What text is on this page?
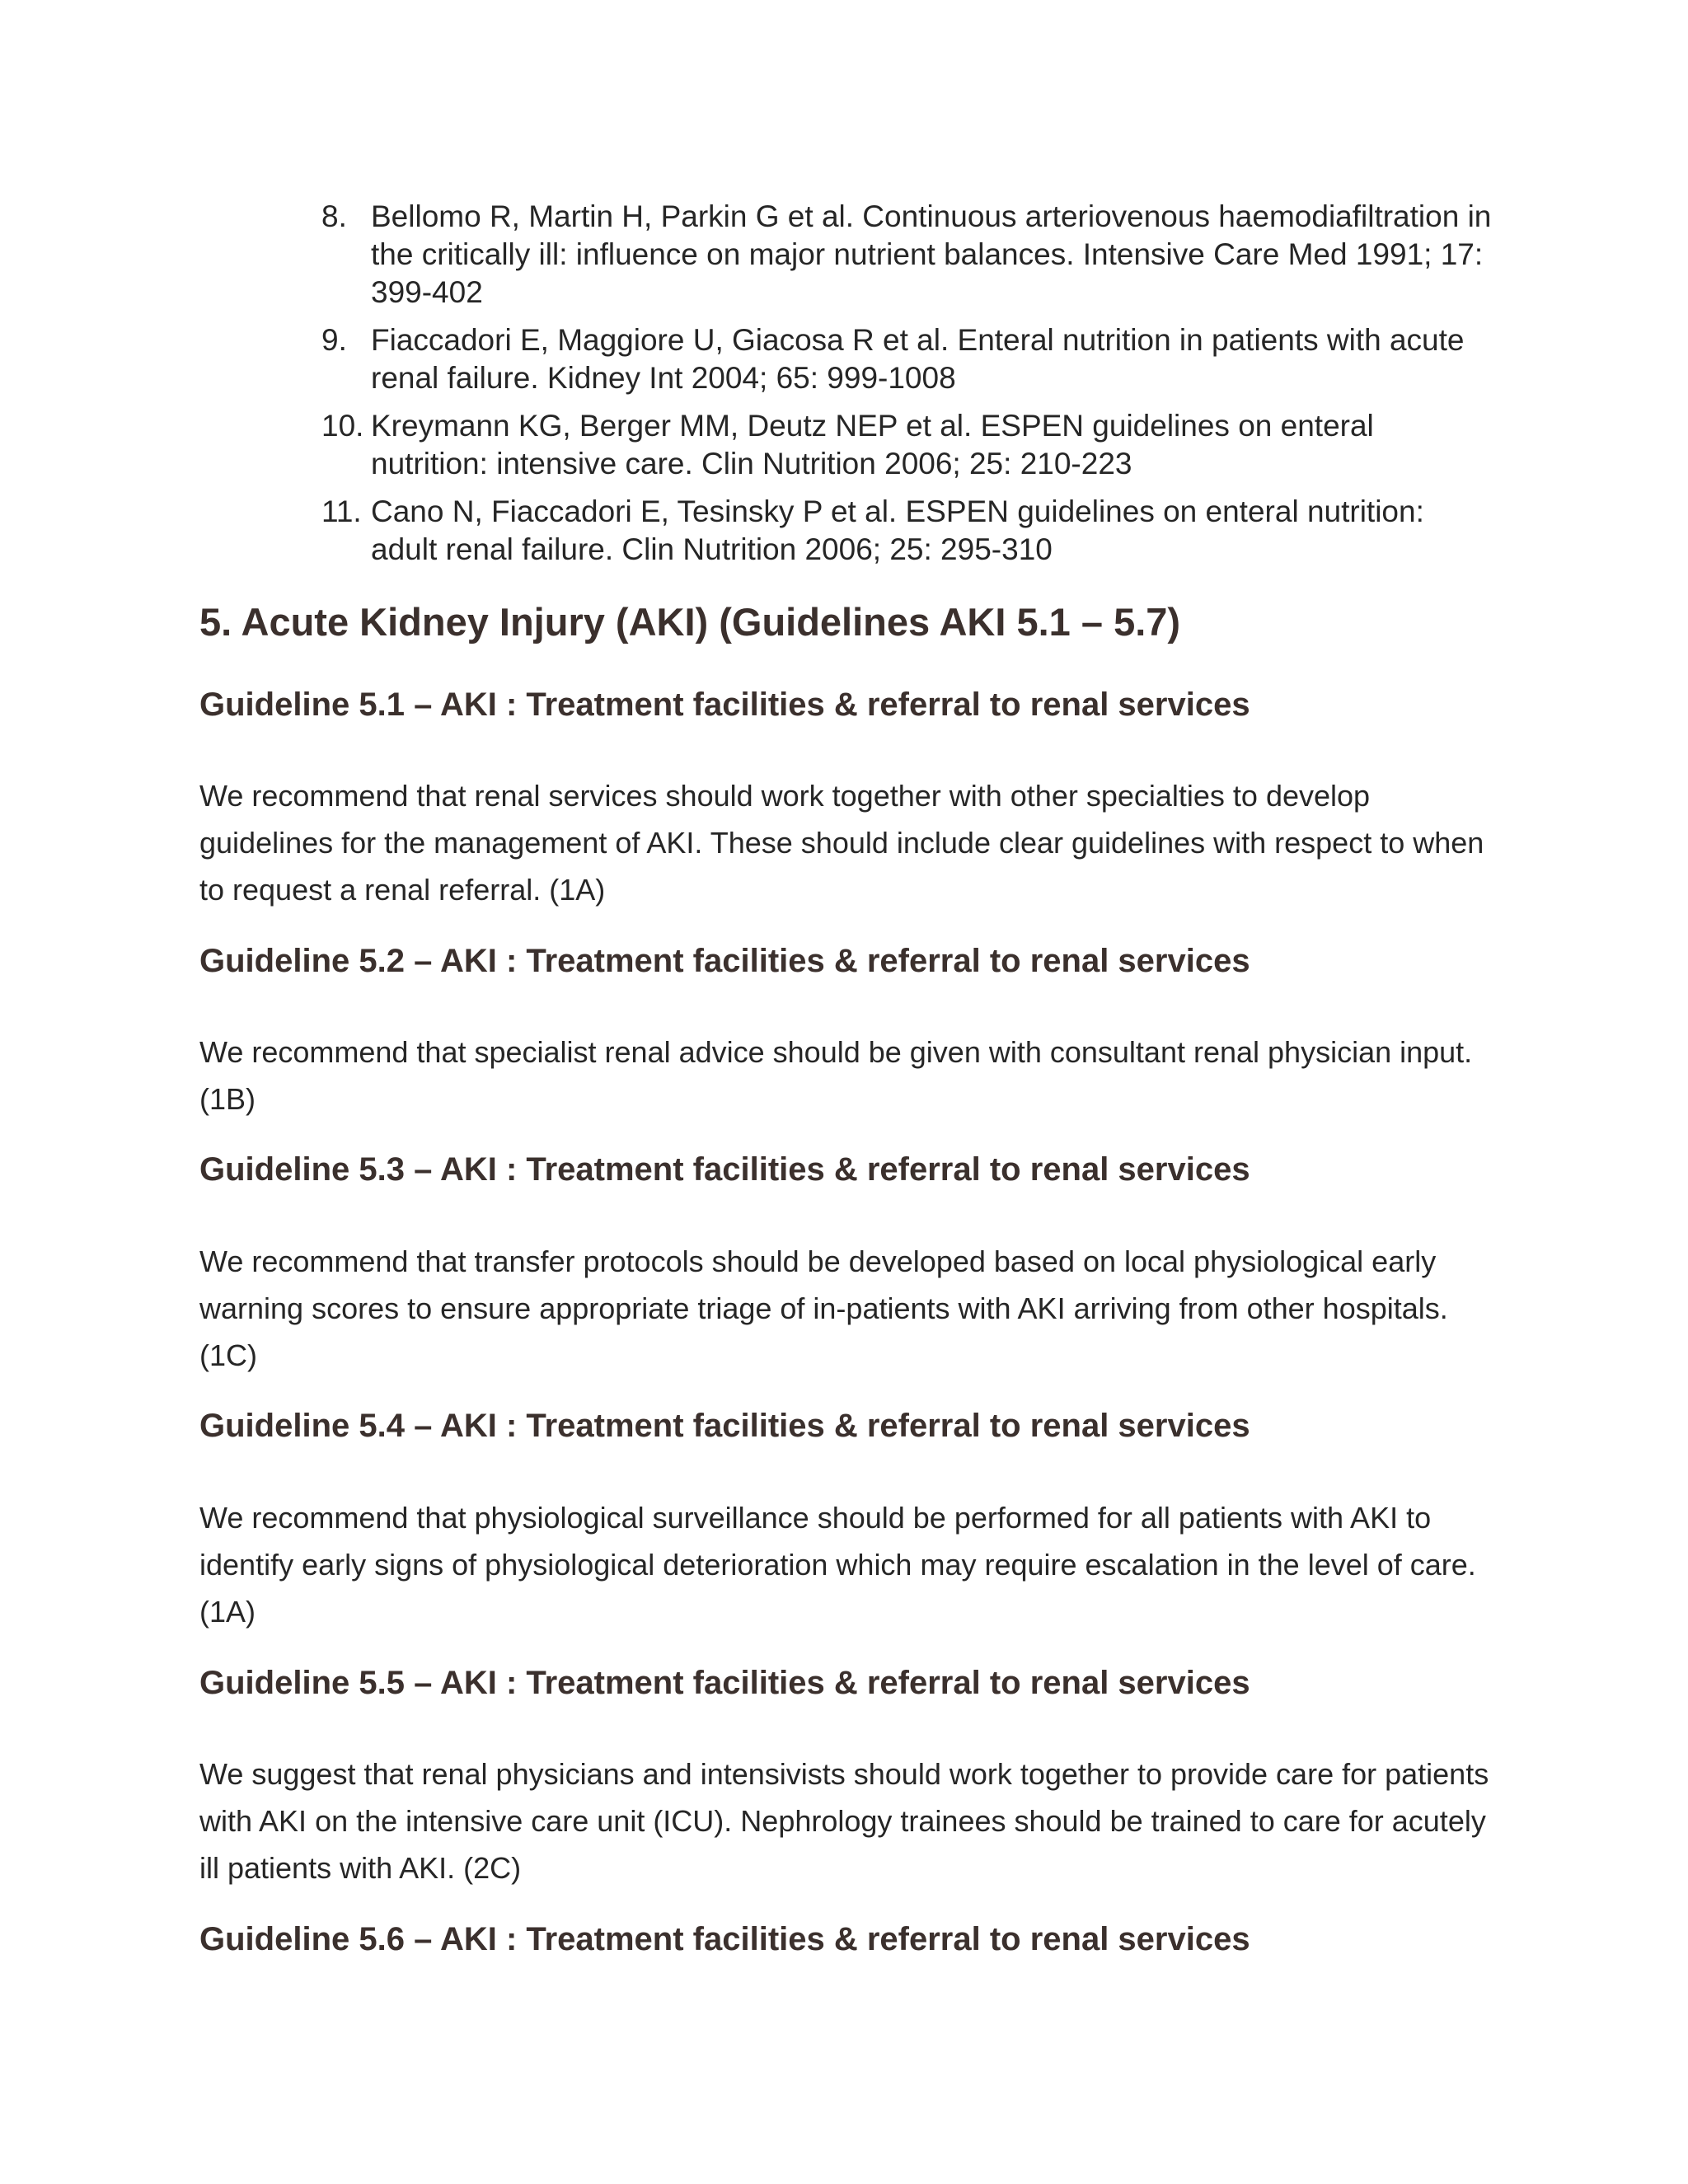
8. Bellomo R, Martin H, Parkin G et al. Continuous arteriovenous haemodiafiltration in the critically ill: influence on major nutrient balances. Intensive Care Med 1991; 17: 399-402
9. Fiaccadori E, Maggiore U, Giacosa R et al. Enteral nutrition in patients with acute renal failure. Kidney Int 2004; 65: 999-1008
10. Kreymann KG, Berger MM, Deutz NEP et al. ESPEN guidelines on enteral nutrition: intensive care. Clin Nutrition 2006; 25: 210-223
11. Cano N, Fiaccadori E, Tesinsky P et al. ESPEN guidelines on enteral nutrition: adult renal failure. Clin Nutrition 2006; 25: 295-310
5. Acute Kidney Injury (AKI) (Guidelines AKI 5.1 – 5.7)
Guideline 5.1 – AKI : Treatment facilities & referral to renal services

We recommend that renal services should work together with other specialties to develop guidelines for the management of AKI. These should include clear guidelines with respect to when to request a renal referral. (1A)

Guideline 5.2 – AKI : Treatment facilities & referral to renal services

We recommend that specialist renal advice should be given with consultant renal physician input. (1B)

Guideline 5.3 – AKI : Treatment facilities & referral to renal services

We recommend that transfer protocols should be developed based on local physiological early warning scores to ensure appropriate triage of in-patients with AKI arriving from other hospitals. (1C)

Guideline 5.4 – AKI : Treatment facilities & referral to renal services

We recommend that physiological surveillance should be performed for all patients with AKI to identify early signs of physiological deterioration which may require escalation in the level of care. (1A)

Guideline 5.5 – AKI : Treatment facilities & referral to renal services

We suggest that renal physicians and intensivists should work together to provide care for patients with AKI on the intensive care unit (ICU). Nephrology trainees should be trained to care for acutely ill patients with AKI. (2C)

Guideline 5.6 – AKI : Treatment facilities & referral to renal services
